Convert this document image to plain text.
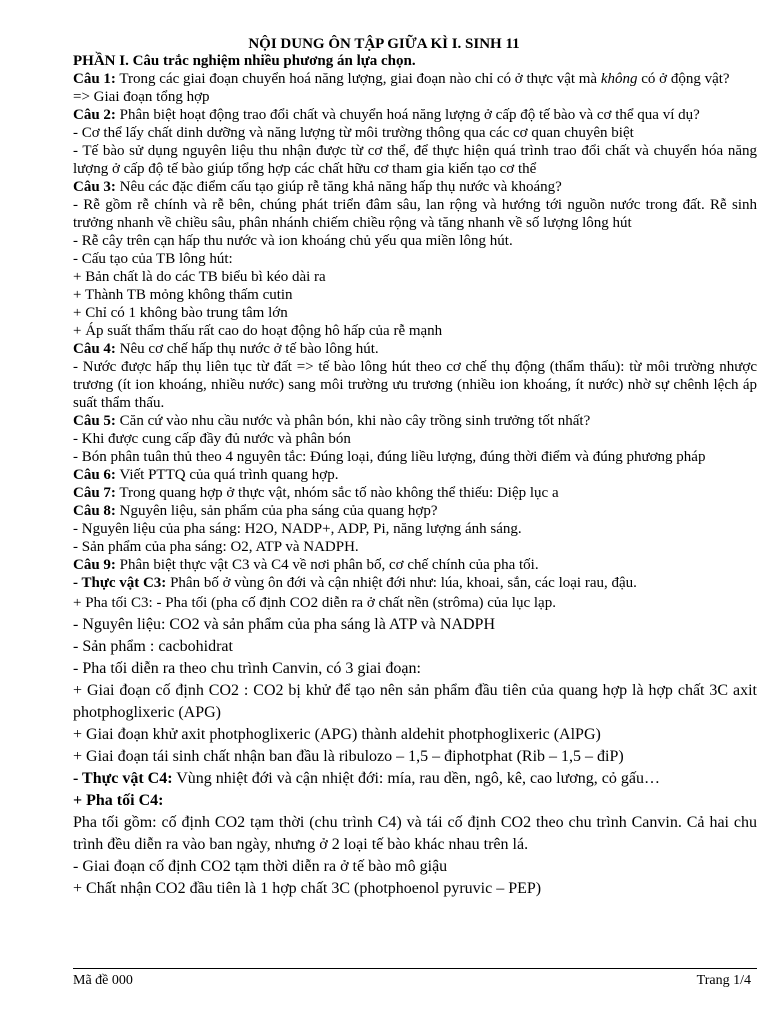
NỘI DUNG ÔN TẬP GIỮA KÌ I. SINH 11

PHẦN I. Câu trắc nghiệm nhiều phương án lựa chọn.

Câu 1: Trong các giai đoạn chuyển hoá năng lượng, giai đoạn nào chỉ có ở thực vật mà không có ở động vật?

=> Giai đoạn tổng hợp

Câu 2: Phân biệt hoạt động trao đổi chất và chuyển hoá năng lượng ở cấp độ tế bào và cơ thể qua ví dụ?

- Cơ thể lấy chất dinh dưỡng và năng lượng từ môi trường thông qua các cơ quan chuyên biệt

- Tế bào sử dụng nguyên liệu thu nhận được từ cơ thể, để thực hiện quá trình trao đổi chất và chuyển hóa năng lượng ở cấp độ tế bào giúp tổng hợp các chất hữu cơ tham gia kiến tạo cơ thể

Câu 3: Nêu các đặc điểm cấu tạo giúp rễ tăng khả năng hấp thụ nước và khoáng?

- Rễ gồm rễ chính và rễ bên, chúng phát triển đâm sâu, lan rộng và hướng tới nguồn nước trong đất. Rễ sinh trưởng nhanh về chiều sâu, phân nhánh chiếm chiều rộng và tăng nhanh về số lượng lông hút

- Rễ cây trên cạn hấp thu nước và ion khoáng chủ yếu qua miền lông hút.

- Cấu tạo của TB lông hút:

+ Bản chất là do các TB biểu bì kéo dài ra

+ Thành TB mỏng không thấm cutin

+ Chỉ có 1 không bào trung tâm lớn

+ Áp suất thẩm thấu rất cao do hoạt động hô hấp của rễ mạnh

Câu 4: Nêu cơ chế hấp thụ nước ở tế bào lông hút.

- Nước được hấp thụ liên tục từ đất => tế bào lông hút theo cơ chế thụ động (thẩm thấu): từ môi trường nhược trương (ít ion khoáng, nhiều nước) sang môi trường ưu trương (nhiều ion khoáng, ít nước) nhờ sự chênh lệch áp suất thẩm thấu.

Câu 5: Căn cứ vào nhu cầu nước và phân bón, khi nào cây trồng sinh trưởng tốt nhất?

- Khi được cung cấp đầy đủ nước và phân bón

- Bón phân tuân thủ theo 4 nguyên tắc: Đúng loại, đúng liều lượng, đúng thời điểm và đúng phương pháp

Câu 6: Viết PTTQ của quá trình quang hợp.

Câu 7: Trong quang hợp ở thực vật, nhóm sắc tố nào không thể thiếu: Diệp lục a

Câu 8: Nguyên liệu, sản phẩm của pha sáng của quang hợp?

- Nguyên liệu của pha sáng: H2O, NADP+, ADP, Pi, năng lượng ánh sáng.

- Sản phẩm của pha sáng: O2, ATP và NADPH.

Câu 9: Phân biệt thực vật C3 và C4 về nơi phân bố, cơ chế chính của pha tối.

- Thực vật C3: Phân bố ở vùng ôn đới và cận nhiệt đới như: lúa, khoai, sắn, các loại rau, đậu.

+ Pha tối C3: - Pha tối (pha cố định CO2 diễn ra ở chất nền (strôma) của lục lạp.

- Nguyên liệu: CO2 và sản phẩm của pha sáng là ATP và NADPH

- Sản phẩm : cacbohidrat

- Pha tối diễn ra theo chu trình Canvin, có 3 giai đoạn:

+ Giai đoạn cố định CO2 : CO2 bị khử để tạo nên sản phẩm đầu tiên của quang hợp là hợp chất 3C axit photphoglixeric (APG)

+ Giai đoạn khử axit photphoglixeric (APG) thành aldehit photphoglixeric (AlPG)

+ Giai đoạn tái sinh chất nhận ban đầu là ribulozo – 1,5 – điphotphat (Rib – 1,5 – điP)

- Thực vật C4: Vùng nhiệt đới và cận nhiệt đới: mía, rau dền, ngô, kê, cao lương, cỏ gấu…

+ Pha tối C4:

Pha tối gồm: cố định CO2 tạm thời (chu trình C4) và tái cố định CO2 theo chu trình Canvin. Cả hai chu trình đều diễn ra vào ban ngày, nhưng ở 2 loại tế bào khác nhau trên lá.

- Giai đoạn cố định CO2 tạm thời diễn ra ở tế bào mô giậu

+ Chất nhận CO2 đầu tiên là 1 hợp chất 3C (photphoenol pyruvic – PEP)

Mã đề 000	Trang 1/4
